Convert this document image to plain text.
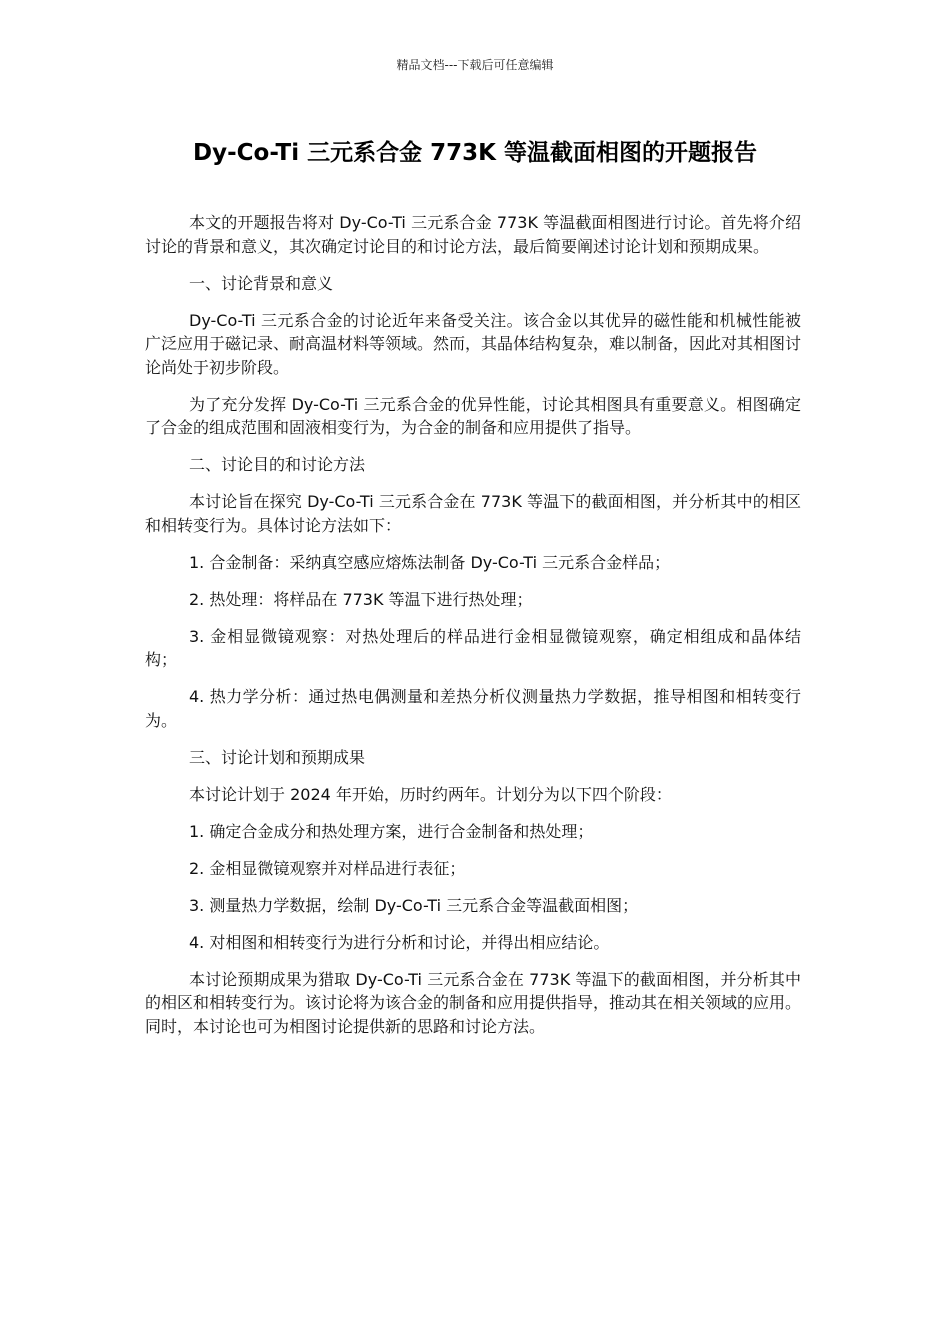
精品文档---下载后可任意编辑
Dy-Co-Ti 三元系合金 773K 等温截面相图的开题报告

本文的开题报告将对 Dy-Co-Ti 三元系合金 773K 等温截面相图进行讨论。首先将介绍讨论的背景和意义，其次确定讨论目的和讨论方法，最后简要阐述讨论计划和预期成果。

一、讨论背景和意义

Dy-Co-Ti 三元系合金的讨论近年来备受关注。该合金以其优异的磁性能和机械性能被广泛应用于磁记录、耐高温材料等领域。然而，其晶体结构复杂，难以制备，因此对其相图讨论尚处于初步阶段。

为了充分发挥 Dy-Co-Ti 三元系合金的优异性能，讨论其相图具有重要意义。相图确定了合金的组成范围和固液相变行为，为合金的制备和应用提供了指导。

二、讨论目的和讨论方法

本讨论旨在探究 Dy-Co-Ti 三元系合金在 773K 等温下的截面相图，并分析其中的相区和相转变行为。具体讨论方法如下：

1. 合金制备：采纳真空感应熔炼法制备 Dy-Co-Ti 三元系合金样品；

2. 热处理：将样品在 773K 等温下进行热处理；

3. 金相显微镜观察：对热处理后的样品进行金相显微镜观察，确定相组成和晶体结构；

4. 热力学分析：通过热电偶测量和差热分析仪测量热力学数据，推导相图和相转变行为。

三、讨论计划和预期成果

本讨论计划于 2024 年开始，历时约两年。计划分为以下四个阶段：

1. 确定合金成分和热处理方案，进行合金制备和热处理；

2. 金相显微镜观察并对样品进行表征；

3. 测量热力学数据，绘制 Dy-Co-Ti 三元系合金等温截面相图；

4. 对相图和相转变行为进行分析和讨论，并得出相应结论。

本讨论预期成果为猎取 Dy-Co-Ti 三元系合金在 773K 等温下的截面相图，并分析其中的相区和相转变行为。该讨论将为该合金的制备和应用提供指导，推动其在相关领域的应用。同时，本讨论也可为相图讨论提供新的思路和讨论方法。
